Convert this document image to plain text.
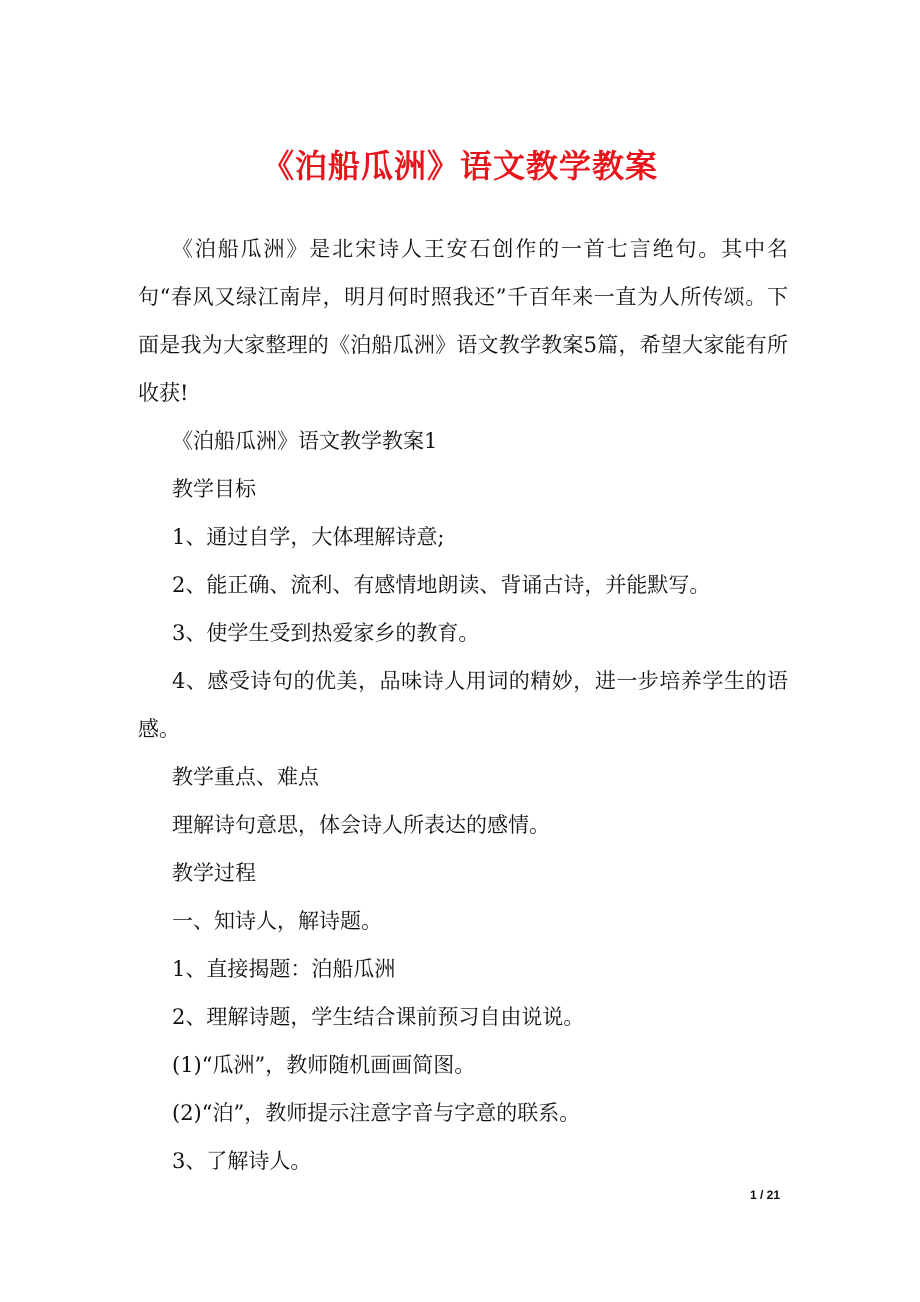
《泊船瓜洲》语文教学教案

《泊船瓜洲》是北宋诗人王安石创作的一首七言绝句。其中名句“春风又绿江南岸，明月何时照我还”千百年来一直为人所传颂。下面是我为大家整理的《泊船瓜洲》语文教学教案5篇，希望大家能有所收获!

《泊船瓜洲》语文教学教案1

教学目标

1、通过自学，大体理解诗意;

2、能正确、流利、有感情地朗读、背诵古诗，并能默写。

3、使学生受到热爱家乡的教育。

4、感受诗句的优美，品味诗人用词的精妙，进一步培养学生的语感。

教学重点、难点

理解诗句意思，体会诗人所表达的感情。

教学过程

一、知诗人，解诗题。

1、直接揭题：泊船瓜洲

2、理解诗题，学生结合课前预习自由说说。

(1)“瓜洲”，教师随机画画简图。

(2)“泊”，教师提示注意字音与字意的联系。

3、了解诗人。

1 / 21
